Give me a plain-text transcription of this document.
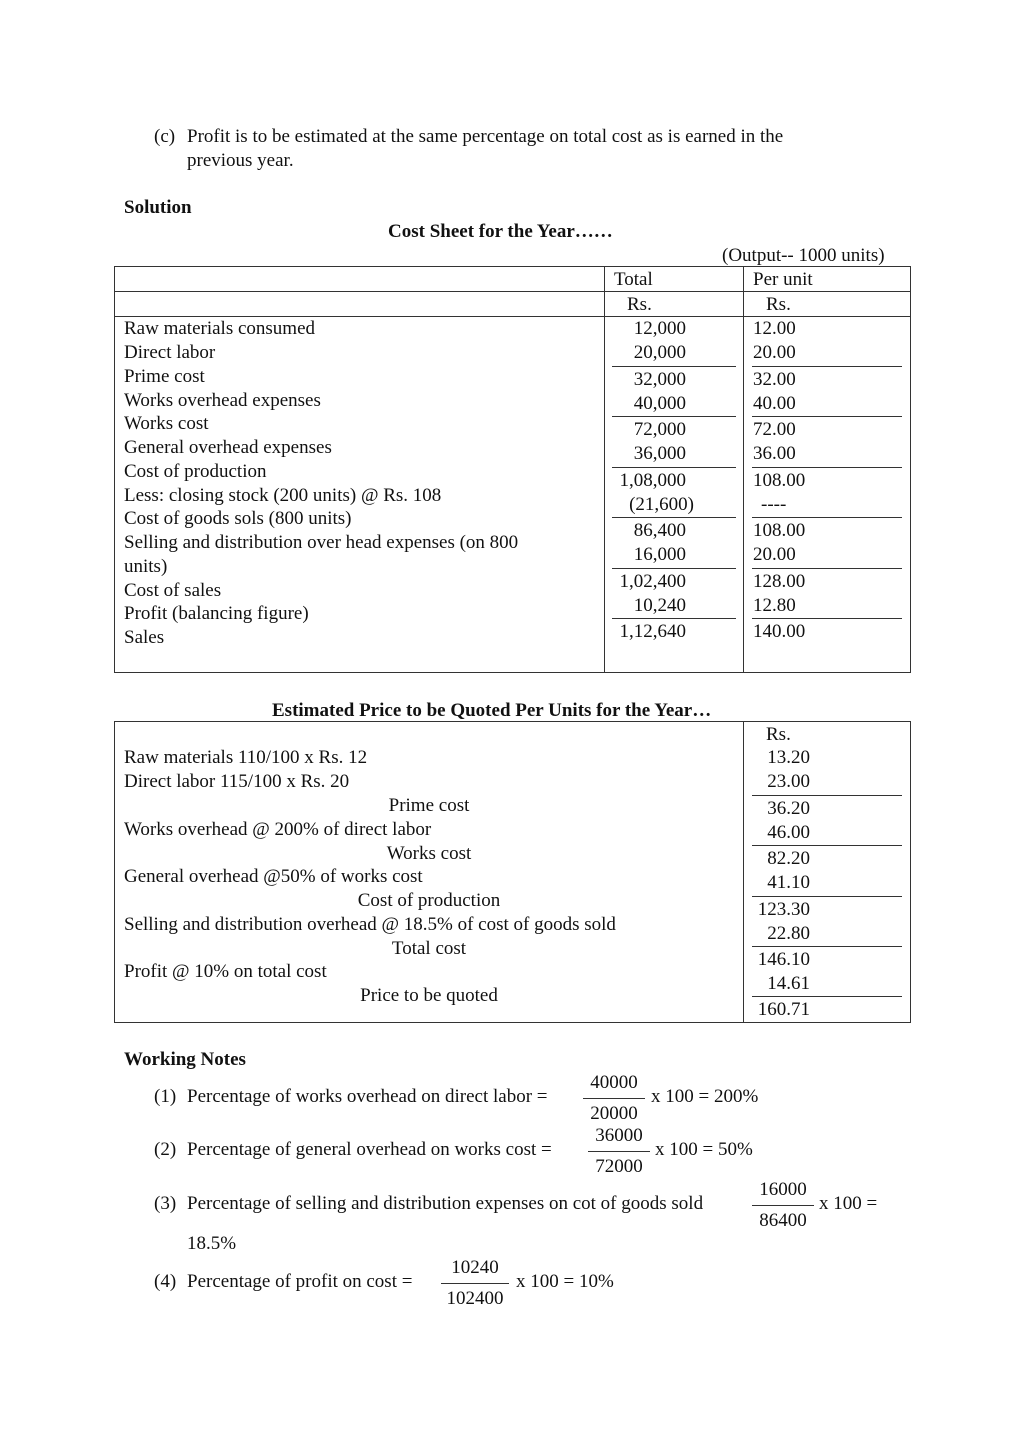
(c) Profit is to be estimated at the same percentage on total cost as is earned in the
previous year.
Solution
Cost Sheet for the Year……
(Output-- 1000 units)
Total	Per unit
Rs.	Rs.
Raw materials consumed
Direct labor
Prime cost
Works overhead expenses
Works cost
General overhead expenses
Cost of production
Less: closing stock (200 units) @ Rs. 108
Cost of goods sols (800 units)
Selling and distribution over head expenses (on 800
units)
Cost of sales
Profit (balancing figure)
Sales
12,000
20,000
32,000
40,000
72,000
36,000
1,08,000
(21,600)
86,400
16,000
1,02,400
10,240
1,12,640
12.00
20.00
32.00
40.00
72.00
36.00
108.00
----
108.00
20.00
128.00
12.80
140.00
Estimated Price to be Quoted Per Units for the Year…
Rs.
Raw materials 110/100 x Rs. 12
Direct labor 115/100 x Rs. 20
Prime cost
Works overhead @ 200% of direct labor
Works cost
General overhead @50% of works cost
Cost of production
Selling and distribution overhead @ 18.5% of cost of goods sold
Total cost
Profit @ 10% on total cost
Price to be quoted
13.20
23.00
36.20
46.00
82.20
41.10
123.30
22.80
146.10
14.61
160.71
Working Notes
(1) Percentage of works overhead on direct labor =
40000
20000
x 100 = 200%
(2) Percentage of general overhead on works cost =
36000
72000
x 100 = 50%
(3) Percentage of selling and distribution expenses on cot of goods sold
16000
86400
x 100 =
18.5%
(4) Percentage of profit on cost =
10240
102400
x 100 = 10%
